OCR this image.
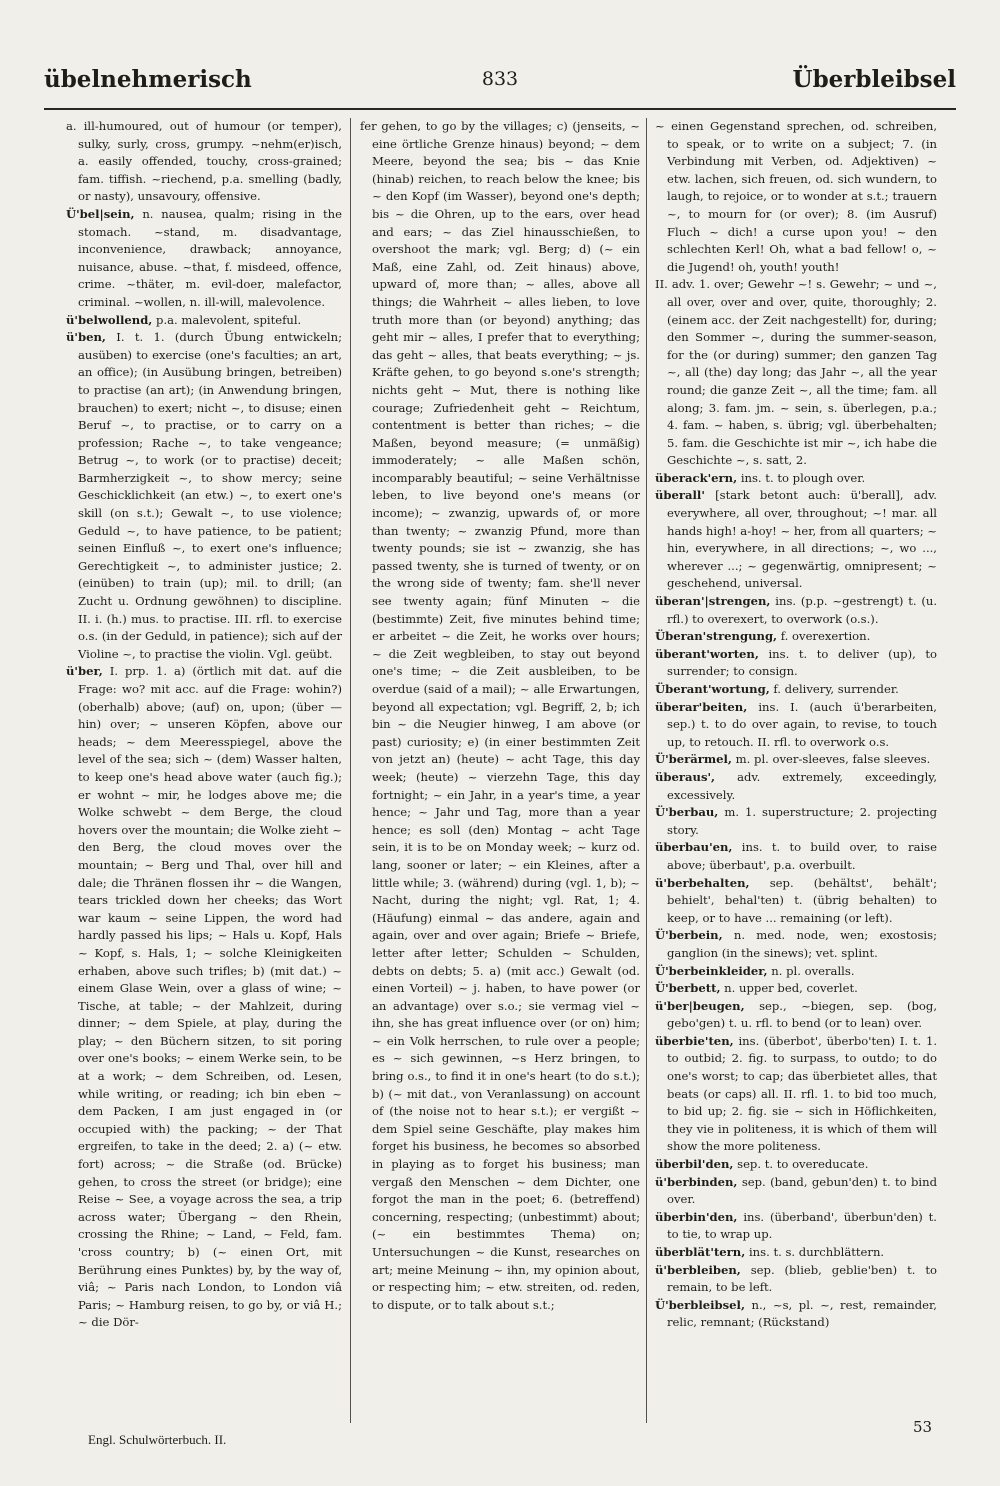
übelnehmerisch	833	Überbleibsel

a. ill-humoured, out of humour (or temper), sulky, surly, cross, grumpy. ~nehm(er)isch, a. easily offended, touchy, cross-grained; fam. tiffish. ~riechend, p.a. smelling (badly, or nasty), unsavoury, offensive.

Ü'bel|sein, n. nausea, qualm; rising in the stomach. ~stand, m. disadvantage, inconvenience, drawback; annoyance, nuisance, abuse. ~that, f. misdeed, offence, crime. ~thäter, m. evil-doer, malefactor, criminal. ~wollen, n. ill-will, malevolence.

ü'belwollend, p.a. malevolent, spiteful.

ü'ben, I. t. 1. (durch Übung entwickeln; ausüben) to exercise (one's faculties; an art, an office); (in Ausübung bringen, betreiben) to practise (an art); (in Anwendung bringen, brauchen) to exert; nicht ~, to disuse; einen Beruf ~, to practise, or to carry on a profession; Rache ~, to take vengeance; Betrug ~, to work (or to practise) deceit; Barmherzigkeit ~, to show mercy; seine Geschicklichkeit (an etw.) ~, to exert one's skill (on s.t.); Gewalt ~, to use violence; Geduld ~, to have patience, to be patient; seinen Einfluß ~, to exert one's influence; Gerechtigkeit ~, to administer justice; 2. (einüben) to train (up); mil. to drill; (an Zucht u. Ordnung gewöhnen) to discipline. II. i. (h.) mus. to practise. III. rfl. to exercise o.s. (in der Geduld, in patience); sich auf der Violine ~, to practise the violin. Vgl. geübt.

ü'ber, I. prp. 1. a) (örtlich mit dat. auf die Frage: wo? mit acc. auf die Frage: wohin?) (oberhalb) above; (auf) on, upon; (über — hin) over; ~ unseren Köpfen, above our heads; ~ dem Meeresspiegel, above the level of the sea; sich ~ (dem) Wasser halten, to keep one's head above water (auch fig.); er wohnt ~ mir, he lodges above me; die Wolke schwebt ~ dem Berge, the cloud hovers over the mountain; die Wolke zieht ~ den Berg, the cloud moves over the mountain; ~ Berg und Thal, over hill and dale; die Thränen flossen ihr ~ die Wangen, tears trickled down her cheeks; das Wort war kaum ~ seine Lippen, the word had hardly passed his lips; ~ Hals u. Kopf, Hals ~ Kopf, s. Hals, 1; ~ solche Kleinigkeiten erhaben, above such trifles; b) (mit dat.) ~ einem Glase Wein, over a glass of wine; ~ Tische, at table; ~ der Mahlzeit, during dinner; ~ dem Spiele, at play, during the play; ~ den Büchern sitzen, to sit poring over one's books; ~ einem Werke sein, to be at a work; ~ dem Schreiben, od. Lesen, while writing, or reading; ich bin eben ~ dem Packen, I am just engaged in (or occupied with) the packing; ~ der That ergreifen, to take in the deed; 2. a) (~ etw. fort) across; ~ die Straße (od. Brücke) gehen, to cross the street (or bridge); eine Reise ~ See, a voyage across the sea, a trip across water; Übergang ~ den Rhein, crossing the Rhine; ~ Land, ~ Feld, fam. 'cross country; b) (~ einen Ort, mit Berührung eines Punktes) by, by the way of, viâ; ~ Paris nach London, to London viâ Paris; ~ Hamburg reisen, to go by, or viâ H.; ~ die Dör-

fer gehen, to go by the villages; c) (jenseits, ~ eine örtliche Grenze hinaus) beyond; ~ dem Meere, beyond the sea; bis ~ das Knie (hinab) reichen, to reach below the knee; bis ~ den Kopf (im Wasser), beyond one's depth; bis ~ die Ohren, up to the ears, over head and ears; ~ das Ziel hinausschießen, to overshoot the mark; vgl. Berg; d) (~ ein Maß, eine Zahl, od. Zeit hinaus) above, upward of, more than; ~ alles, above all things; die Wahrheit ~ alles lieben, to love truth more than (or beyond) anything; das geht mir ~ alles, I prefer that to everything; das geht ~ alles, that beats everything; ~ js. Kräfte gehen, to go beyond s.one's strength; nichts geht ~ Mut, there is nothing like courage; Zufriedenheit geht ~ Reichtum, contentment is better than riches; ~ die Maßen, beyond measure; (= unmäßig) immoderately; ~ alle Maßen schön, incomparably beautiful; ~ seine Verhältnisse leben, to live beyond one's means (or income); ~ zwanzig, upwards of, or more than twenty; ~ zwanzig Pfund, more than twenty pounds; sie ist ~ zwanzig, she has passed twenty, she is turned of twenty, or on the wrong side of twenty; fam. she'll never see twenty again; fünf Minuten ~ die (bestimmte) Zeit, five minutes behind time; er arbeitet ~ die Zeit, he works over hours; ~ die Zeit wegbleiben, to stay out beyond one's time; ~ die Zeit ausbleiben, to be overdue (said of a mail); ~ alle Erwartungen, beyond all expectation; vgl. Begriff, 2, b; ich bin ~ die Neugier hinweg, I am above (or past) curiosity; e) (in einer bestimmten Zeit von jetzt an) (heute) ~ acht Tage, this day week; (heute) ~ vierzehn Tage, this day fortnight; ~ ein Jahr, in a year's time, a year hence; ~ Jahr und Tag, more than a year hence; es soll (den) Montag ~ acht Tage sein, it is to be on Monday week; ~ kurz od. lang, sooner or later; ~ ein Kleines, after a little while; 3. (während) during (vgl. 1, b); ~ Nacht, during the night; vgl. Rat, 1; 4. (Häufung) einmal ~ das andere, again and again, over and over again; Briefe ~ Briefe, letter after letter; Schulden ~ Schulden, debts on debts; 5. a) (mit acc.) Gewalt (od. einen Vorteil) ~ j. haben, to have power (or an advantage) over s.o.; sie vermag viel ~ ihn, she has great influence over (or on) him; ~ ein Volk herrschen, to rule over a people; es ~ sich gewinnen, ~s Herz bringen, to bring o.s., to find it in one's heart (to do s.t.); b) (~ mit dat., von Veranlassung) on account of (the noise not to hear s.t.); er vergißt ~ dem Spiel seine Geschäfte, play makes him forget his business, he becomes so absorbed in playing as to forget his business; man vergaß den Menschen ~ dem Dichter, one forgot the man in the poet; 6. (betreffend) concerning, respecting; (unbestimmt) about; (~ ein bestimmtes Thema) on; Untersuchungen ~ die Kunst, researches on art; meine Meinung ~ ihn, my opinion about, or respecting him; ~ etw. streiten, od. reden, to dispute, or to talk about s.t.;

~ einen Gegenstand sprechen, od. schreiben, to speak, or to write on a subject; 7. (in Verbindung mit Verben, od. Adjektiven) ~ etw. lachen, sich freuen, od. sich wundern, to laugh, to rejoice, or to wonder at s.t.; trauern ~, to mourn for (or over); 8. (im Ausruf) Fluch ~ dich! a curse upon you! ~ den schlechten Kerl! Oh, what a bad fellow! o, ~ die Jugend! oh, youth! youth!

II. adv. 1. over; Gewehr ~! s. Gewehr; ~ und ~, all over, over and over, quite, thoroughly; 2. (einem acc. der Zeit nachgestellt) for, during; den Sommer ~, during the summer-season, for the (or during) summer; den ganzen Tag ~, all (the) day long; das Jahr ~, all the year round; die ganze Zeit ~, all the time; fam. all along; 3. fam. jm. ~ sein, s. überlegen, p.a.; 4. fam. ~ haben, s. übrig; vgl. überbehalten; 5. fam. die Geschichte ist mir ~, ich habe die Geschichte ~, s. satt, 2.

überack'ern, ins. t. to plough over.

überall' [stark betont auch: ü'berall], adv. everywhere, all over, throughout; ~! mar. all hands high! a-hoy! ~ her, from all quarters; ~ hin, everywhere, in all directions; ~, wo ..., wherever ...; ~ gegenwärtig, omnipresent; ~ geschehend, universal.

überan'|strengen, ins. (p.p. ~gestrengt) t. (u. rfl.) to overexert, to overwork (o.s.).

Überan'strengung, f. overexertion.

überant'worten, ins. t. to deliver (up), to surrender; to consign.

Überant'wortung, f. delivery, surrender.

überar'beiten, ins. I. (auch ü'berarbeiten, sep.) t. to do over again, to revise, to touch up, to retouch. II. rfl. to overwork o.s.

Ü'berärmel, m. pl. over-sleeves, false sleeves.

überaus', adv. extremely, exceedingly, excessively.

Ü'berbau, m. 1. superstructure; 2. projecting story.

überbau'en, ins. t. to build over, to raise above; überbaut', p.a. overbuilt.

ü'berbehalten, sep. (behältst', behält'; behielt', behal'ten) t. (übrig behalten) to keep, or to have ... remaining (or left).

Ü'berbein, n. med. node, wen; exostosis; ganglion (in the sinews); vet. splint.

Ü'berbeinkleider, n. pl. overalls.

Ü'berbett, n. upper bed, coverlet.

ü'ber|beugen, sep., ~biegen, sep. (bog, gebo'gen) t. u. rfl. to bend (or to lean) over.

überbie'ten, ins. (überbot', überbo'ten) I. t. 1. to outbid; 2. fig. to surpass, to outdo; to do one's worst; to cap; das überbietet alles, that beats (or caps) all. II. rfl. 1. to bid too much, to bid up; 2. fig. sie ~ sich in Höflichkeiten, they vie in politeness, it is which of them will show the more politeness.

überbil'den, sep. t. to overeducate.

ü'berbinden, sep. (band, gebun'den) t. to bind over.

überbin'den, ins. (überband', überbun'den) t. to tie, to wrap up.

überblät'tern, ins. t. s. durchblättern.

ü'berbleiben, sep. (blieb, geblie'ben) t. to remain, to be left.

Ü'berbleibsel, n., ~s, pl. ~, rest, remainder, relic, remnant; (Rückstand)

Engl. Schulwörterbuch. II.
53
